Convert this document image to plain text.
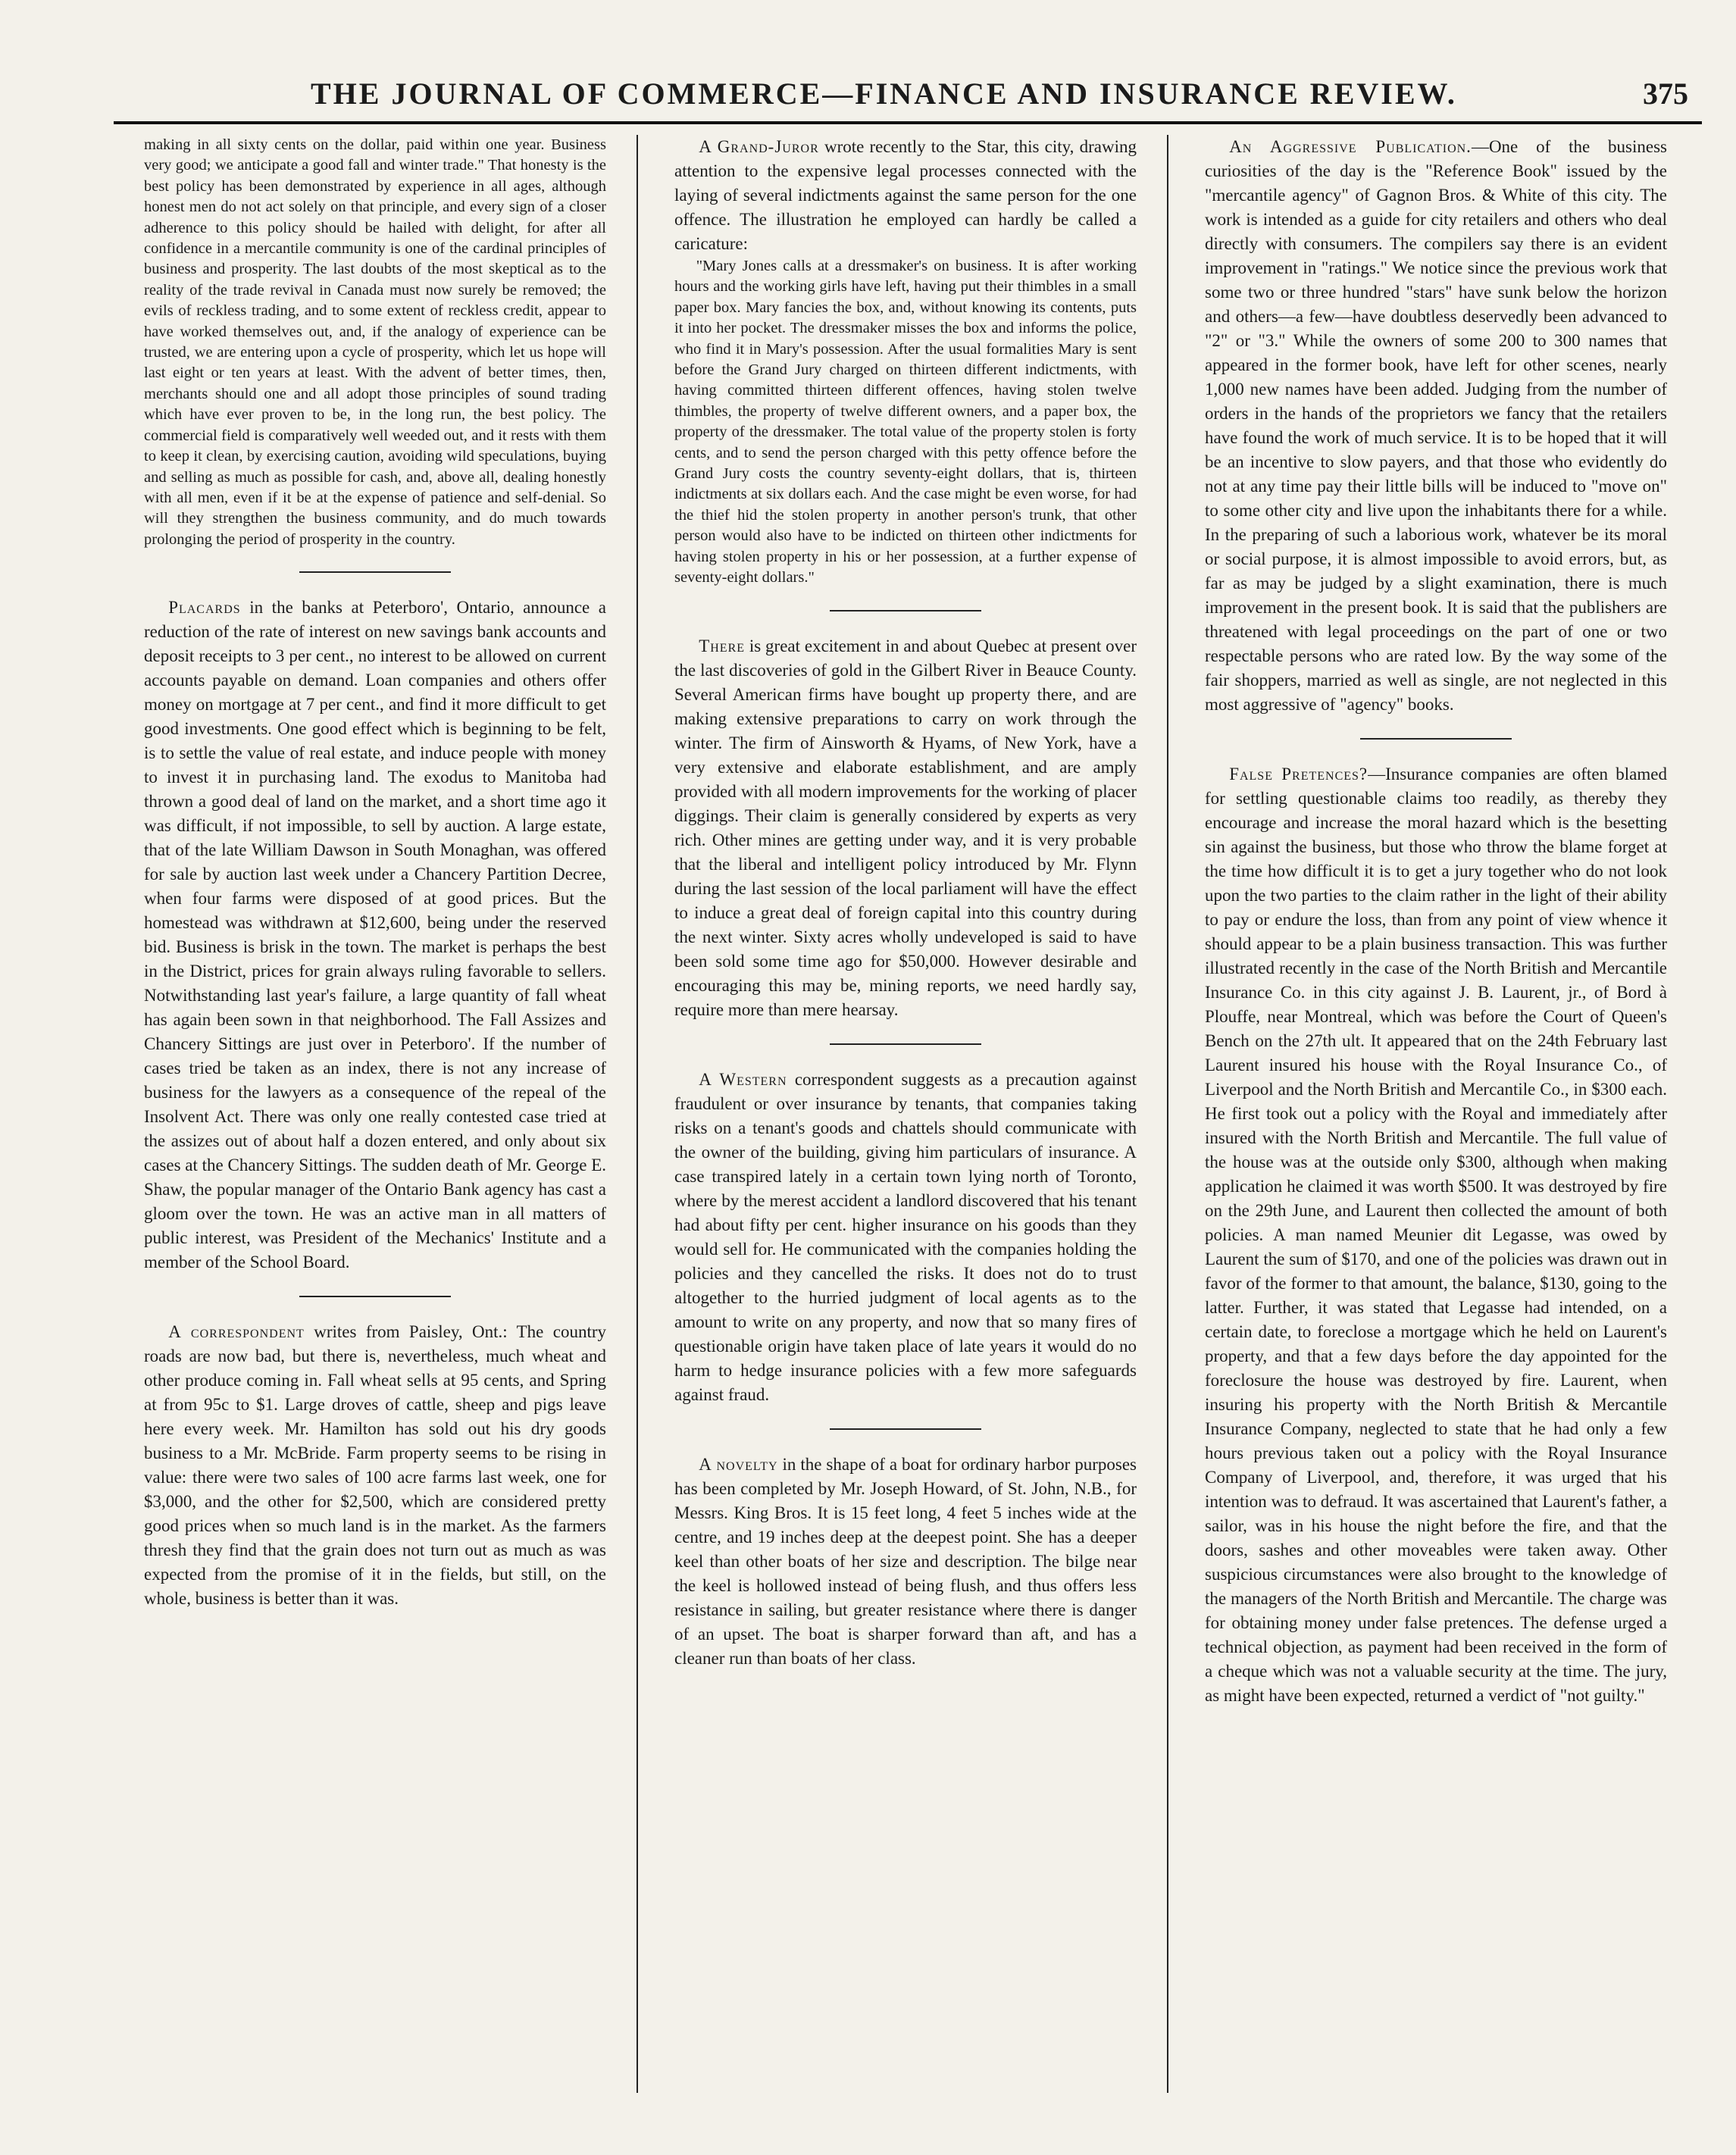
THE JOURNAL OF COMMERCE—FINANCE AND INSURANCE REVIEW.	375

making in all sixty cents on the dollar, paid within one year. Business very good; we anticipate a good fall and winter trade." That honesty is the best policy has been demonstrated by experience in all ages, although honest men do not act solely on that principle, and every sign of a closer adherence to this policy should be hailed with delight, for after all confidence in a mercantile community is one of the cardinal principles of business and prosperity. The last doubts of the most skeptical as to the reality of the trade revival in Canada must now surely be removed; the evils of reckless trading, and to some extent of reckless credit, appear to have worked themselves out, and, if the analogy of experience can be trusted, we are entering upon a cycle of prosperity, which let us hope will last eight or ten years at least. With the advent of better times, then, merchants should one and all adopt those principles of sound trading which have ever proven to be, in the long run, the best policy. The commercial field is comparatively well weeded out, and it rests with them to keep it clean, by exercising caution, avoiding wild speculations, buying and selling as much as possible for cash, and, above all, dealing honestly with all men, even if it be at the expense of patience and self-denial. So will they strengthen the business community, and do much towards prolonging the period of prosperity in the country.

Placards in the banks at Peterboro', Ontario, announce a reduction of the rate of interest on new savings bank accounts and deposit receipts to 3 per cent., no interest to be allowed on current accounts payable on demand. Loan companies and others offer money on mortgage at 7 per cent., and find it more difficult to get good investments. One good effect which is beginning to be felt, is to settle the value of real estate, and induce people with money to invest it in purchasing land. The exodus to Manitoba had thrown a good deal of land on the market, and a short time ago it was difficult, if not impossible, to sell by auction. A large estate, that of the late William Dawson in South Monaghan, was offered for sale by auction last week under a Chancery Partition Decree, when four farms were disposed of at good prices. But the homestead was withdrawn at $12,600, being under the reserved bid. Business is brisk in the town. The market is perhaps the best in the District, prices for grain always ruling favorable to sellers. Notwithstanding last year's failure, a large quantity of fall wheat has again been sown in that neighborhood. The Fall Assizes and Chancery Sittings are just over in Peterboro'. If the number of cases tried be taken as an index, there is not any increase of business for the lawyers as a consequence of the repeal of the Insolvent Act. There was only one really contested case tried at the assizes out of about half a dozen entered, and only about six cases at the Chancery Sittings. The sudden death of Mr. George E. Shaw, the popular manager of the Ontario Bank agency has cast a gloom over the town. He was an active man in all matters of public interest, was President of the Mechanics' Institute and a member of the School Board.

A correspondent writes from Paisley, Ont.: The country roads are now bad, but there is, nevertheless, much wheat and other produce coming in. Fall wheat sells at 95 cents, and Spring at from 95c to $1. Large droves of cattle, sheep and pigs leave here every week. Mr. Hamilton has sold out his dry goods business to a Mr. McBride. Farm property seems to be rising in value: there were two sales of 100 acre farms last week, one for $3,000, and the other for $2,500, which are considered pretty good prices when so much land is in the market. As the farmers thresh they find that the grain does not turn out as much as was expected from the promise of it in the fields, but still, on the whole, business is better than it was.

A Grand-Juror wrote recently to the Star, this city, drawing attention to the expensive legal processes connected with the laying of several indictments against the same person for the one offence. The illustration he employed can hardly be called a caricature:

"Mary Jones calls at a dressmaker's on business. It is after working hours and the working girls have left, having put their thimbles in a small paper box. Mary fancies the box, and, without knowing its contents, puts it into her pocket. The dressmaker misses the box and informs the police, who find it in Mary's possession. After the usual formalities Mary is sent before the Grand Jury charged on thirteen different indictments, with having committed thirteen different offences, having stolen twelve thimbles, the property of twelve different owners, and a paper box, the property of the dressmaker. The total value of the property stolen is forty cents, and to send the person charged with this petty offence before the Grand Jury costs the country seventy-eight dollars, that is, thirteen indictments at six dollars each. And the case might be even worse, for had the thief hid the stolen property in another person's trunk, that other person would also have to be indicted on thirteen other indictments for having stolen property in his or her possession, at a further expense of seventy-eight dollars."

There is great excitement in and about Quebec at present over the last discoveries of gold in the Gilbert River in Beauce County. Several American firms have bought up property there, and are making extensive preparations to carry on work through the winter. The firm of Ainsworth & Hyams, of New York, have a very extensive and elaborate establishment, and are amply provided with all modern improvements for the working of placer diggings. Their claim is generally considered by experts as very rich. Other mines are getting under way, and it is very probable that the liberal and intelligent policy introduced by Mr. Flynn during the last session of the local parliament will have the effect to induce a great deal of foreign capital into this country during the next winter. Sixty acres wholly undeveloped is said to have been sold some time ago for $50,000. However desirable and encouraging this may be, mining reports, we need hardly say, require more than mere hearsay.

A Western correspondent suggests as a precaution against fraudulent or over insurance by tenants, that companies taking risks on a tenant's goods and chattels should communicate with the owner of the building, giving him particulars of insurance. A case transpired lately in a certain town lying north of Toronto, where by the merest accident a landlord discovered that his tenant had about fifty per cent. higher insurance on his goods than they would sell for. He communicated with the companies holding the policies and they cancelled the risks. It does not do to trust altogether to the hurried judgment of local agents as to the amount to write on any property, and now that so many fires of questionable origin have taken place of late years it would do no harm to hedge insurance policies with a few more safeguards against fraud.

A novelty in the shape of a boat for ordinary harbor purposes has been completed by Mr. Joseph Howard, of St. John, N.B., for Messrs. King Bros. It is 15 feet long, 4 feet 5 inches wide at the centre, and 19 inches deep at the deepest point. She has a deeper keel than other boats of her size and description. The bilge near the keel is hollowed instead of being flush, and thus offers less resistance in sailing, but greater resistance where there is danger of an upset. The boat is sharper forward than aft, and has a cleaner run than boats of her class.

An Aggressive Publication.—One of the business curiosities of the day is the "Reference Book" issued by the "mercantile agency" of Gagnon Bros. & White of this city. The work is intended as a guide for city retailers and others who deal directly with consumers. The compilers say there is an evident improvement in "ratings." We notice since the previous work that some two or three hundred "stars" have sunk below the horizon and others—a few—have doubtless deservedly been advanced to "2" or "3." While the owners of some 200 to 300 names that appeared in the former book, have left for other scenes, nearly 1,000 new names have been added. Judging from the number of orders in the hands of the proprietors we fancy that the retailers have found the work of much service. It is to be hoped that it will be an incentive to slow payers, and that those who evidently do not at any time pay their little bills will be induced to "move on" to some other city and live upon the inhabitants there for a while. In the preparing of such a laborious work, whatever be its moral or social purpose, it is almost impossible to avoid errors, but, as far as may be judged by a slight examination, there is much improvement in the present book. It is said that the publishers are threatened with legal proceedings on the part of one or two respectable persons who are rated low. By the way some of the fair shoppers, married as well as single, are not neglected in this most aggressive of "agency" books.

False Pretences?—Insurance companies are often blamed for settling questionable claims too readily, as thereby they encourage and increase the moral hazard which is the besetting sin against the business, but those who throw the blame forget at the time how difficult it is to get a jury together who do not look upon the two parties to the claim rather in the light of their ability to pay or endure the loss, than from any point of view whence it should appear to be a plain business transaction. This was further illustrated recently in the case of the North British and Mercantile Insurance Co. in this city against J. B. Laurent, jr., of Bord à Plouffe, near Montreal, which was before the Court of Queen's Bench on the 27th ult. It appeared that on the 24th February last Laurent insured his house with the Royal Insurance Co., of Liverpool and the North British and Mercantile Co., in $300 each. He first took out a policy with the Royal and immediately after insured with the North British and Mercantile. The full value of the house was at the outside only $300, although when making application he claimed it was worth $500. It was destroyed by fire on the 29th June, and Laurent then collected the amount of both policies. A man named Meunier dit Legasse, was owed by Laurent the sum of $170, and one of the policies was drawn out in favor of the former to that amount, the balance, $130, going to the latter. Further, it was stated that Legasse had intended, on a certain date, to foreclose a mortgage which he held on Laurent's property, and that a few days before the day appointed for the foreclosure the house was destroyed by fire. Laurent, when insuring his property with the North British & Mercantile Insurance Company, neglected to state that he had only a few hours previous taken out a policy with the Royal Insurance Company of Liverpool, and, therefore, it was urged that his intention was to defraud. It was ascertained that Laurent's father, a sailor, was in his house the night before the fire, and that the doors, sashes and other moveables were taken away. Other suspicious circumstances were also brought to the knowledge of the managers of the North British and Mercantile. The charge was for obtaining money under false pretences. The defense urged a technical objection, as payment had been received in the form of a cheque which was not a valuable security at the time. The jury, as might have been expected, returned a verdict of "not guilty."
